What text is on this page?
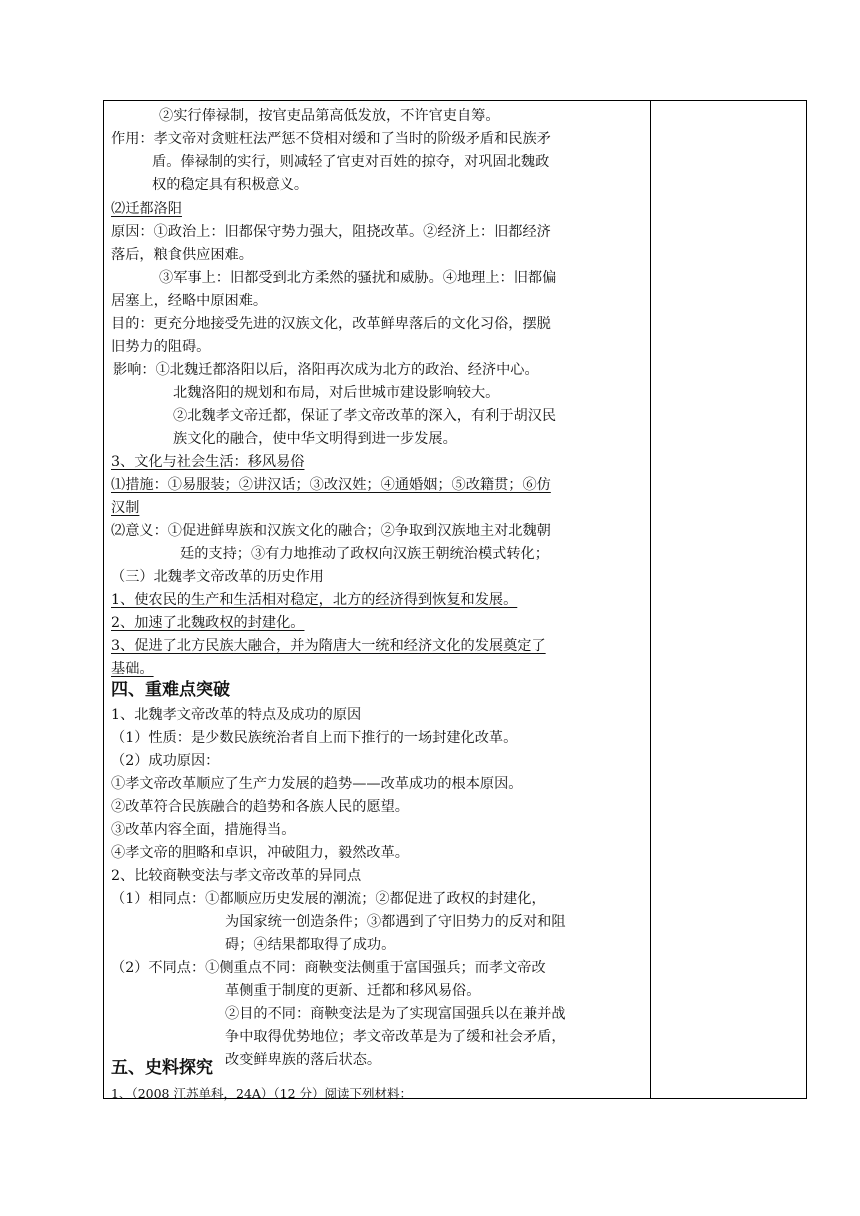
②实行俸禄制，按官吏品第高低发放，不许官吏自筹。
作用：孝文帝对贪赃枉法严惩不贷相对缓和了当时的阶级矛盾和民族矛
盾。俸禄制的实行，则减轻了官吏对百姓的掠夺，对巩固北魏政
权的稳定具有积极意义。
⑵迁都洛阳
原因：①政治上：旧都保守势力强大，阻挠改革。②经济上：旧都经济
落后，粮食供应困难。
③军事上：旧都受到北方柔然的骚扰和威胁。④地理上：旧都偏
居塞上，经略中原困难。
目的：更充分地接受先进的汉族文化，改革鲜卑落后的文化习俗，摆脱
旧势力的阻碍。
影响：①北魏迁都洛阳以后，洛阳再次成为北方的政治、经济中心。
北魏洛阳的规划和布局，对后世城市建设影响较大。
②北魏孝文帝迁都，保证了孝文帝改革的深入，有利于胡汉民
族文化的融合，使中华文明得到进一步发展。
3、文化与社会生活：移风易俗
⑴措施：①易服装；②讲汉话；③改汉姓；④通婚姻；⑤改籍贯；⑥仿
汉制
⑵意义：①促进鲜卑族和汉族文化的融合；②争取到汉族地主对北魏朝
廷的支持；③有力地推动了政权向汉族王朝统治模式转化；
（三）北魏孝文帝改革的历史作用
1、使农民的生产和生活相对稳定，北方的经济得到恢复和发展。
2、加速了北魏政权的封建化。
3、促进了北方民族大融合，并为隋唐大一统和经济文化的发展奠定了
基础。
四、重难点突破
1、北魏孝文帝改革的特点及成功的原因
（1）性质：是少数民族统治者自上而下推行的一场封建化改革。
（2）成功原因：
①孝文帝改革顺应了生产力发展的趋势——改革成功的根本原因。
②改革符合民族融合的趋势和各族人民的愿望。
③改革内容全面，措施得当。
④孝文帝的胆略和卓识，冲破阻力，毅然改革。
2、比较商鞅变法与孝文帝改革的异同点
（1）相同点：①都顺应历史发展的潮流；②都促进了政权的封建化，
为国家统一创造条件；③都遇到了守旧势力的反对和阻
碍；④结果都取得了成功。
（2）不同点：①侧重点不同：商鞅变法侧重于富国强兵；而孝文帝改
革侧重于制度的更新、迁都和移风易俗。
②目的不同：商鞅变法是为了实现富国强兵以在兼并战
争中取得优势地位；孝文帝改革是为了缓和社会矛盾，
改变鲜卑族的落后状态。
五、史料探究
1、（2008 江苏单科，24A）（12 分）阅读下列材料：
